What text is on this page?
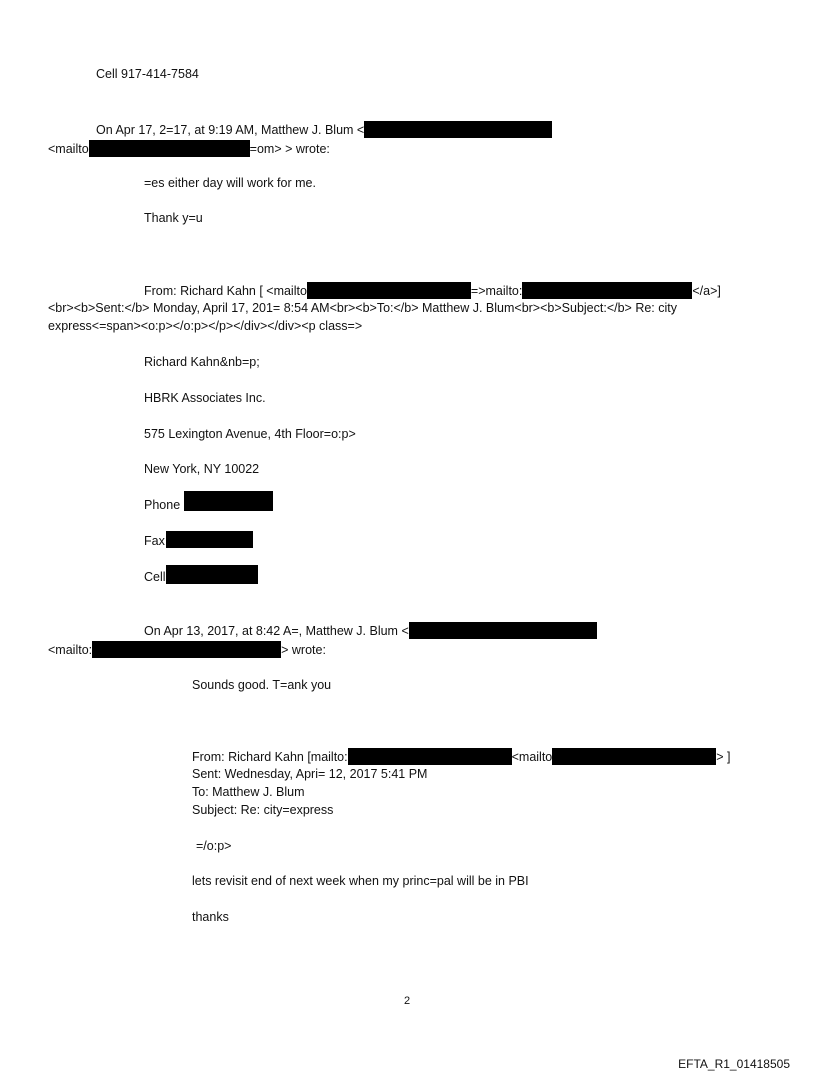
Cell 917-414-7584
On Apr 17, 2=17, at 9:19 AM, Matthew J. Blum <
<mailto	=om> > wrote:
=es either day will work for me.
Thank y=u
From: Richard Kahn [ <mailto	=>mailto:	</a>]
<br><b>Sent:</b> Monday, April 17, 201= 8:54 AM<br><b>To:</b> Matthew J. Blum<br><b>Subject:</b> Re: city
express<=span><o:p></o:p></p></div></div><p class=>
Richard Kahn&nb=p;
HBRK Associates Inc.
575 Lexington Avenue, 4th Floor=o:p>
New York, NY 10022
Phone
Fax
Cell
On Apr 13, 2017, at 8:42 A=, Matthew J. Blum <
<mailto:	> wrote:
Sounds good. T=ank you
From: Richard Kahn [mailto:	<mailto	> ]
Sent: Wednesday, Apri= 12, 2017 5:41 PM
To: Matthew J. Blum
Subject: Re: city=express
=/o:p>
lets revisit end of next week when my princ=pal will be in PBI
thanks
2
EFTA_R1_01418505
